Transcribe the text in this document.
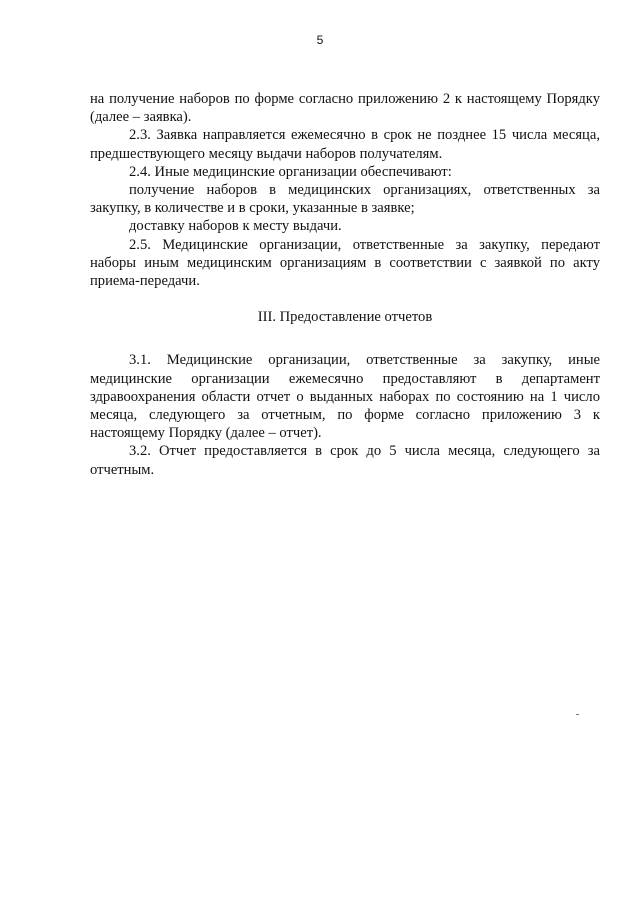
5

на получение наборов по форме согласно приложению 2 к настоящему Порядку (далее – заявка).

2.3. Заявка направляется ежемесячно в срок не позднее 15 числа месяца, предшествующего месяцу выдачи наборов получателям.

2.4. Иные медицинские организации обеспечивают:

получение наборов в медицинских организациях, ответственных за закупку, в количестве и в сроки, указанные в заявке;

доставку наборов к месту выдачи.

2.5. Медицинские организации, ответственные за закупку, передают наборы иным медицинским организациям в соответствии с заявкой по акту приема-передачи.

III. Предоставление отчетов

3.1. Медицинские организации, ответственные за закупку, иные медицинские организации ежемесячно предоставляют в департамент здравоохранения области отчет о выданных наборах по состоянию на 1 число месяца, следующего за отчетным, по форме согласно приложению 3 к настоящему Порядку (далее – отчет).

3.2. Отчет предоставляется в срок до 5 числа месяца, следующего за отчетным.
